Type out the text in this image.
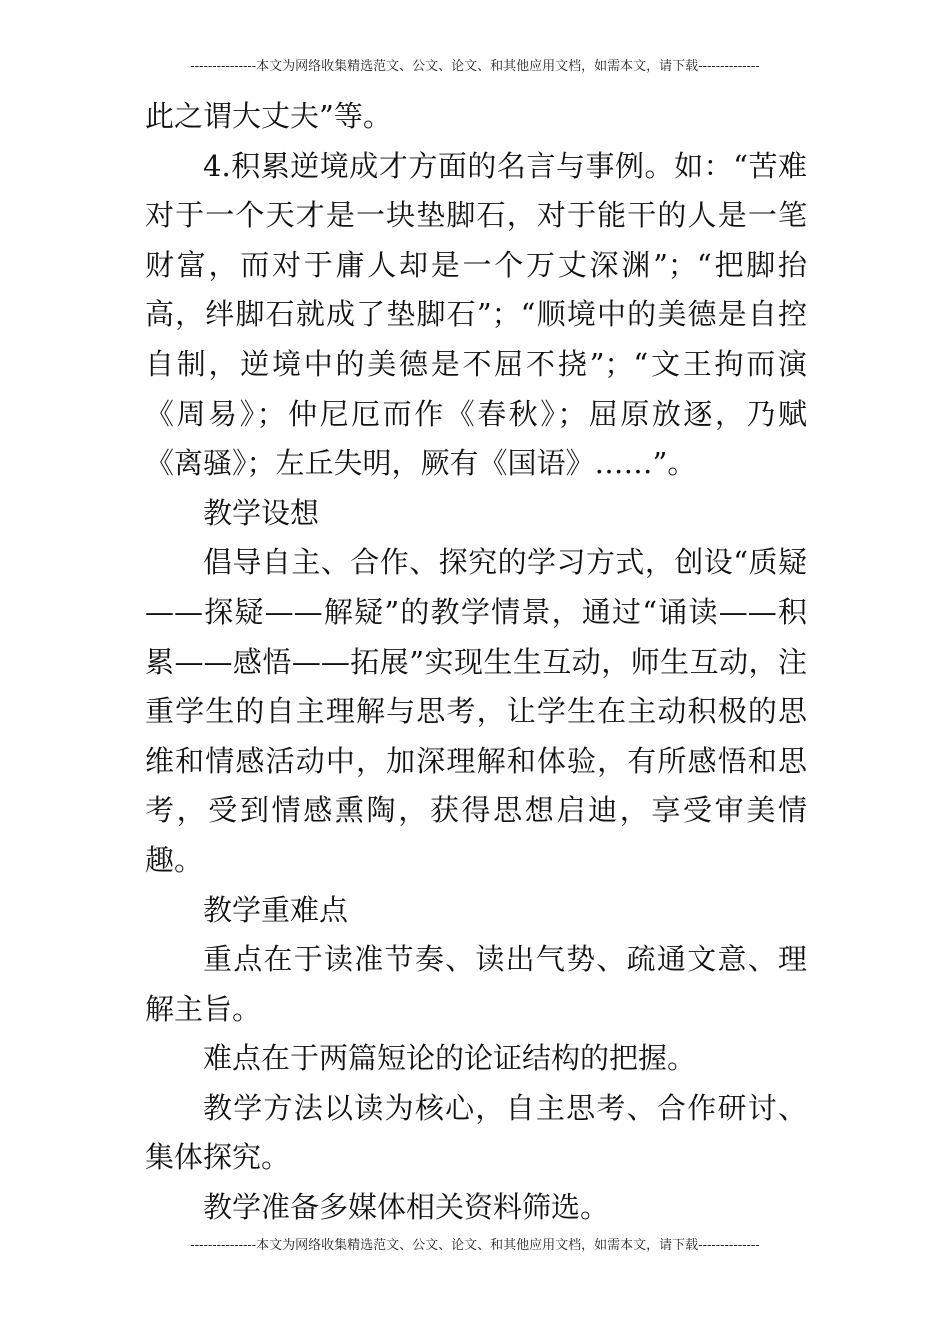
---------------本文为网络收集精选范文、公文、论文、和其他应用文档，如需本文，请下载--------------

此之谓大丈夫”等。

4.积累逆境成才方面的名言与事例。如：“苦难对于一个天才是一块垫脚石，对于能干的人是一笔财富，而对于庸人却是一个万丈深渊”；“把脚抬高，绊脚石就成了垫脚石”；“顺境中的美德是自控自制，逆境中的美德是不屈不挠”；“文王拘而演《周易》；仲尼厄而作《春秋》；屈原放逐，乃赋《离骚》；左丘失明，厥有《国语》……”。

教学设想

倡导自主、合作、探究的学习方式，创设“质疑——探疑——解疑”的教学情景，通过“诵读——积累——感悟——拓展”实现生生互动，师生互动，注重学生的自主理解与思考，让学生在主动积极的思维和情感活动中，加深理解和体验，有所感悟和思考，受到情感熏陶，获得思想启迪，享受审美情趣。

教学重难点

重点在于读准节奏、读出气势、疏通文意、理解主旨。

难点在于两篇短论的论证结构的把握。

教学方法以读为核心，自主思考、合作研讨、集体探究。

教学准备多媒体相关资料筛选。

---------------本文为网络收集精选范文、公文、论文、和其他应用文档，如需本文，请下载--------------
